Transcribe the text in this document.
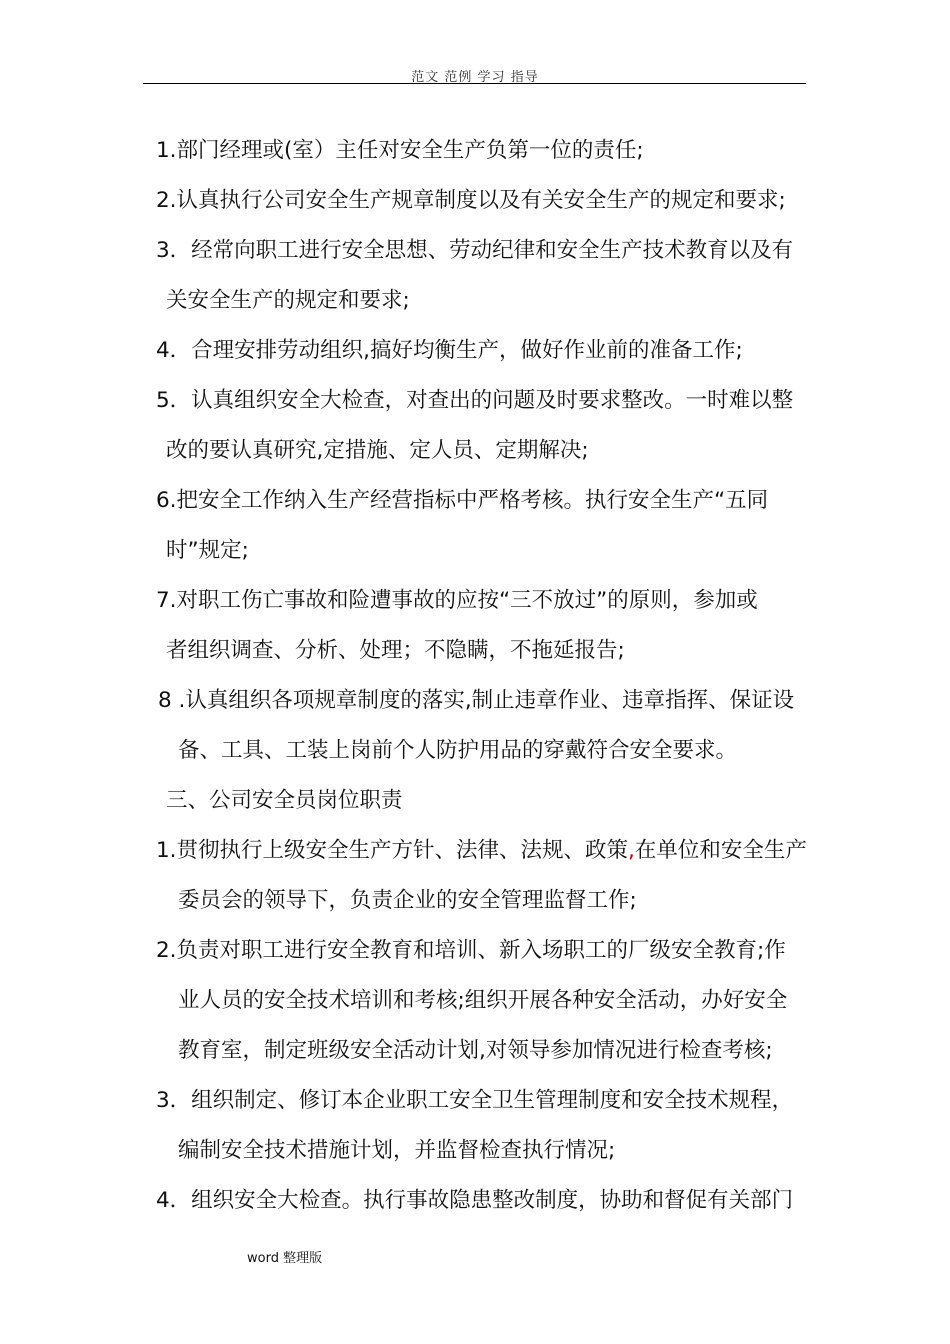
范文 范例 学习 指导
1.部门经理或(室）主任对安全生产负第一位的责任;
2.认真执行公司安全生产规章制度以及有关安全生产的规定和要求;
3．经常向职工进行安全思想、劳动纪律和安全生产技术教育以及有
关安全生产的规定和要求;
4．合理安排劳动组织,搞好均衡生产，做好作业前的准备工作;
5．认真组织安全大检查，对查出的问题及时要求整改。一时难以整
改的要认真研究,定措施、定人员、定期解决;
6.把安全工作纳入生产经营指标中严格考核。执行安全生产“五同
时”规定;
7.对职工伤亡事故和险遭事故的应按“三不放过”的原则，参加或
者组织调查、分析、处理；不隐瞒，不拖延报告;
8 .认真组织各项规章制度的落实,制止违章作业、违章指挥、保证设
备、工具、工装上岗前个人防护用品的穿戴符合安全要求。
三、公司安全员岗位职责
1.贯彻执行上级安全生产方针、法律、法规、政策,在单位和安全生产
委员会的领导下，负责企业的安全管理监督工作;
2.负责对职工进行安全教育和培训、新入场职工的厂级安全教育;作
业人员的安全技术培训和考核;组织开展各种安全活动，办好安全
教育室，制定班级安全活动计划,对领导参加情况进行检查考核;
3．组织制定、修订本企业职工安全卫生管理制度和安全技术规程，
编制安全技术措施计划，并监督检查执行情况;
4．组织安全大检查。执行事故隐患整改制度，协助和督促有关部门
word 整理版
